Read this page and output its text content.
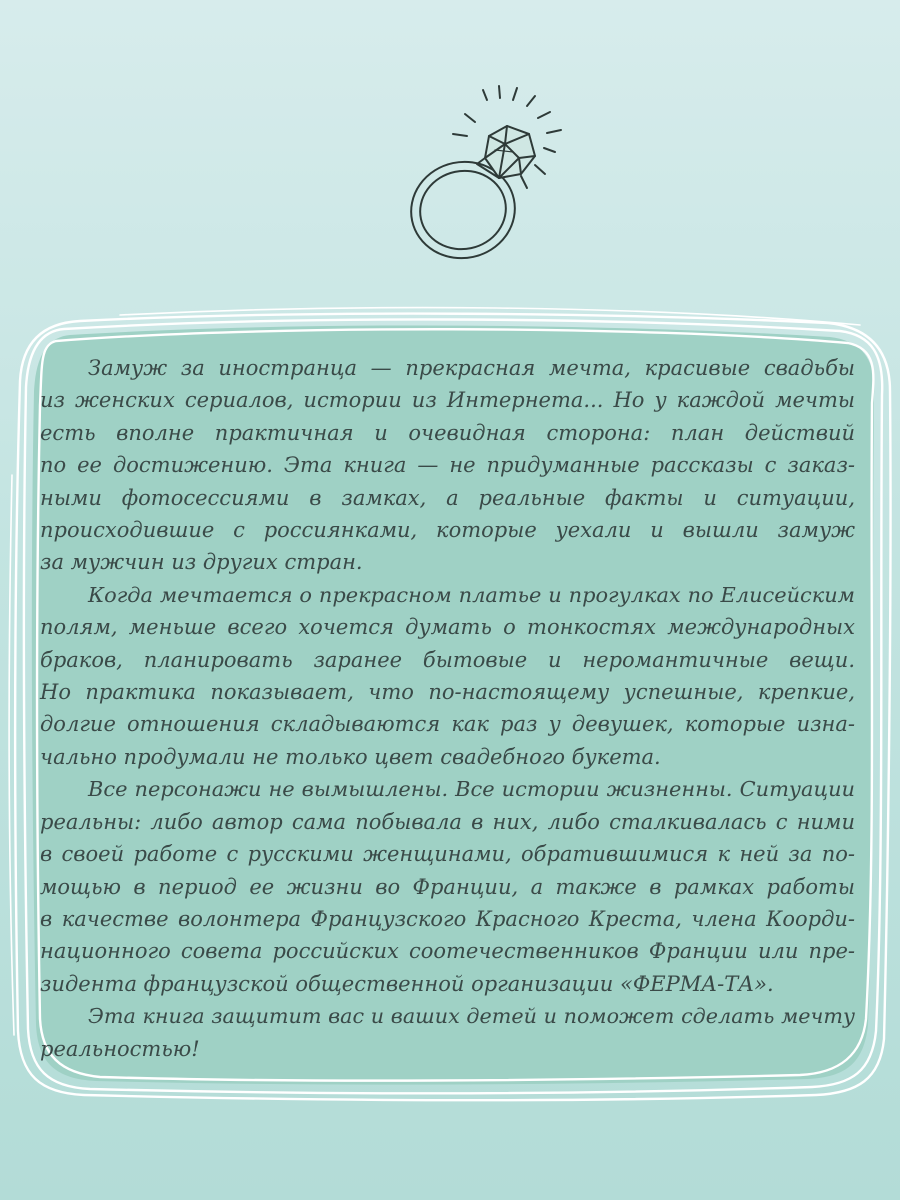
Замуж за иностранца — прекрасная мечта, красивые свадьбы
из женских сериалов, истории из Интернета... Но у каждой мечты
есть вполне практичная и очевидная сторона: план действий
по ее достижению. Эта книга — не придуманные рассказы с заказ-
ными фотосессиями в замках, а реальные факты и ситуации,
происходившие с россиянками, которые уехали и вышли замуж
за мужчин из других стран.

Когда мечтается о прекрасном платье и прогулках по Елисейским
полям, меньше всего хочется думать о тонкостях международных
браков, планировать заранее бытовые и неромантичные вещи.
Но практика показывает, что по-настоящему успешные, крепкие,
долгие отношения складываются как раз у девушек, которые изна-
чально продумали не только цвет свадебного букета.

Все персонажи не вымышлены. Все истории жизненны. Ситуации
реальны: либо автор сама побывала в них, либо сталкивалась с ними
в своей работе с русскими женщинами, обратившимися к ней за по-
мощью в период ее жизни во Франции, а также в рамках работы
в качестве волонтера Французского Красного Креста, члена Коорди-
национного совета российских соотечественников Франции или пре-
зидента французской общественной организации «ФЕРМА-ТА».

Эта книга защитит вас и ваших детей и поможет сделать мечту
реальностью!
